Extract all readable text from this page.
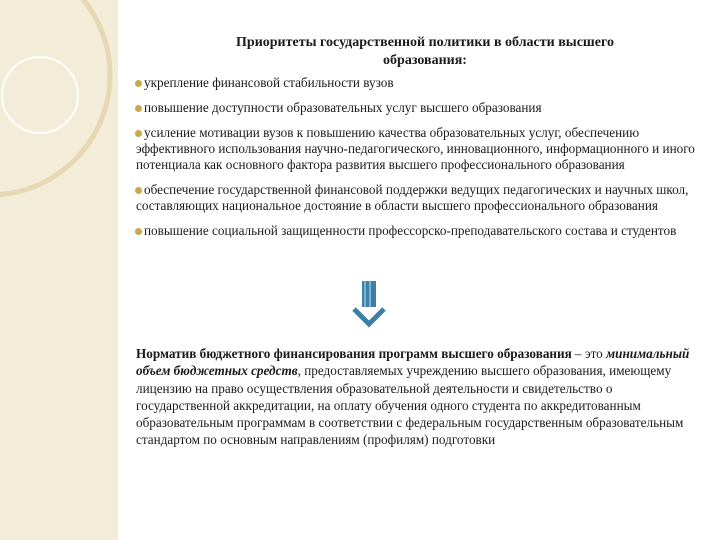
Приоритеты государственной политики в области высшего
образования:
укрепление финансовой стабильности вузов
повышение доступности образовательных услуг высшего образования
усиление мотивации вузов к повышению качества образовательных услуг, обеспечению эффективного использования научно-педагогического, инновационного, информационного и иного потенциала как основного фактора развития высшего профессионального образования
обеспечение государственной финансовой поддержки ведущих педагогических и научных школ, составляющих национальное достояние в области высшего профессионального образования
повышение социальной защищенности профессорско-преподавательского состава и студентов
Норматив бюджетного финансирования программ высшего образования – это минимальный объем бюджетных средств, предоставляемых учреждению высшего образования, имеющему лицензию на право осуществления образовательной деятельности и свидетельство о государственной аккредитации, на оплату обучения одного студента по аккредитованным образовательным программам в соответствии с федеральным государственным образовательным стандартом по основным направлениям (профилям) подготовки
